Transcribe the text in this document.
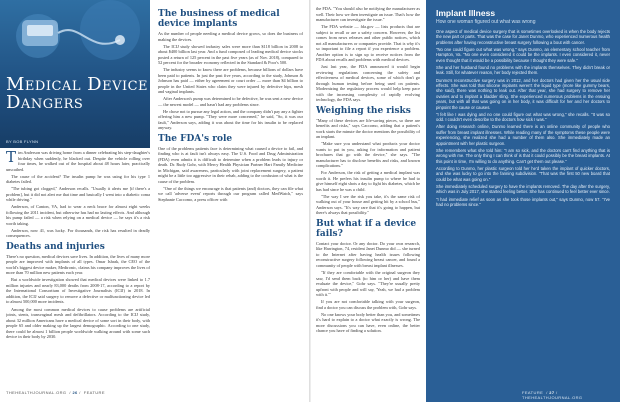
Medical Device Dangers
BY BOB FLYNN

Tim Anderson was driving home from a dinner celebrating his step-daughter's birthday when suddenly, he blacked out. Despite the vehicle rolling over four times, he walked out of the hospital about 48 hours later, practically unscathed.

The cause of the accident? The insulin pump he was using for his type 1 diabetes failed.

"The tubing got clogged," Anderson recalls. "Usually it alerts me [if there's a problem], but it did not alert me that time and basically I went into a diabetic coma while driving."

Anderson, of Canton, VA, had to wear a neck brace for almost eight weeks following the 2011 incident, but otherwise has had no lasting effects. And although his pump failed — a risk when relying on a medical device — he says it's a risk worth taking.

Anderson, now 41, was lucky. For thousands, the risk has resulted in deadly consequences.

Deaths and injuries

There's no question, medical devices save lives. In addition, the lives of many more people are improved with implants of all types. Omar Ishrak, the CEO of the world's biggest device maker, Medtronic, claims his company improves the lives of more than 70 million new patients each year.

But a worldwide investigation showed that medical devices were linked to 1.7 million injuries and nearly 83,000 deaths from 2008-17, according to a report by the International Consortium of Investigative Journalists (ICIJ) in 2018. In addition, the ICIJ said surgery to remove a defective or malfunctioning device led to almost 500,000 more incidents.

Among the most common medical devices to cause problems are artificial joints, stents, transvaginal mesh and defibrillators. According to the ICIJ study, about 32 million Americans have a medical device of some sort in their body, with people 65 and older making up the largest demographic. According to one study, there could be almost 1 billion people worldwide walking around with some such device in their body by 2030.

The business of medical device implants

As the number of people needing a medical device grows, so does the business of making the devices.

The ICIJ study showed industry sales were more than $118 billion in 2008 to about $400 billion last year. And a fund composed of leading medical device stocks posted a return of 125 percent in the past five years (as of Nov. 2018), compared to 52 percent for the broader economy reflected in the Standard & Poor's 500.

The industry seems to know there are problems, because billions of dollars have been paid to patients. In just the past five years, according to the study, Johnson & Johnson has paid — either by agreement or court order — more than $4 billion to people in the United States who claim they were injured by defective hips, mesh and vaginal implants.

After Anderson's pump was determined to be defective, he was sent a new device — the newest model — and hasn't had any problems since.

He chose not to pursue any legal action, and the company didn't pay any a fighter offering him a new pump. "They were more concerned," he said, "So, it was our fault," Anderson says, adding it was about the time for his insulin to be replaced anyway.

The FDA's role

One of the problems patients face is determining what caused a device to fail, and finding who is at fault isn't always easy. The U.S. Food and Drug Administration (FDA) even admits it is difficult to determine when a problem leads to injury or death. Dr. Rudy Gohr, with Mercy Health Physician Partner Hart Family Medicine in Michigan, said awareness, particularly with joint replacement surgery, a patient might be a little too aggressive in their rehab, adding to the confusion of what is the cause of the problem.

"One of the things we encourage is that patients (and) doctors, they can file what we call 'adverse event' reports through our program called MedWatch," says Stephanie Caccomo, a press officer with

THEHEALTHJOURNAL.ORG  / 26 /  FEATURE

the FDA. "You should also be notifying the manufacturer as well. Their how we then investigate an issue. That's how the manufacturer can investigate the issue."

The FDA website — fda.gov — lists products that are subject to recall or are a safety concern. However, the list comes from news releases and other public notices, which not all manufacturers or companies provide. That is why it's so important to file a report if you experience a problem. Another option is to sign up to receive notices from the FDA about recalls and problems with medical devices.

Just last year, the FDA announced it would begin reviewing regulations concerning the safety and effectiveness of medical devices, some of which don't go through human testing before being used on patients. Modernizing the regulatory process would help keep pace with the increasing complexity of rapidly evolving technology, the FDA says.

Weighing the risks

"Many of these devices are life-saving pieces, so there are benefits and risks," says Caccomo, adding that a patient's work starts the minute the doctor mentions the possibility of an implant.

"Make sure you understand what products your doctor wants to put in you, asking for information and patient brochures that go with the device," she says. "The manufacturer has to disclose benefits and risks, and known complications."

For Anderson, the risk of getting a medical implant was worth it. He prefers his insulin pump to where he had to give himself eight shots a day to fight his diabetes, which he has had since he was a child.

"The way I see the risk you take, it's the same risk of walking out of your house and getting hit by a school bus," Anderson says. "It's way rare that it's going to happen, but there's always that possibility."

But what if a device fails?

Contact your doctor. Or any doctor. Do your own research, like Harrington, 74, resident Janet Dunmo did — she turned to the Internet after having health issues following reconstructive surgery following breast cancer, and found a community of people with breast implant illnesses.

"If they are comfortable with the original surgeon they saw, I'd send them back (to him or her) and have them evaluate the device," Gohr says. "They're usually pretty upfront with people and will say, 'Yeah, we had a problem with it.'"

If you are not comfortable talking with your surgeon, find a doctor you can discuss the problem with, Gohr says.

No one knows your body better than you, and sometimes it's hard to explain to a doctor what exactly is wrong. The more discussions you can have, even online, the better chance you have of finding a solution.

Implant Illness
How one woman figured out what was wrong

One aspect of medical device surgery that is sometimes overlooked is when the body rejects the new part or parts. That was the case for Janet Dunmo, who experienced numerous health problems after having reconstructive breast surgery following a bout with cancer.

"No one could figure out what was wrong," says Dunmo, an elementary school teacher from Hampton, Va. "No one even considered it could be the implants. I even considered it, never even thought that it would be a possibility because I thought they were safe."

She and her husband found no problems with the implants themselves. They didn't break or leak. Still, for whatever reason, her body rejected them.

Dunmo's reconstructive surgery was in 2012, and her doctors had given her the usual side effects. She was told that silicone implants weren't the liquid type (more like gummy bears, she said), there was nothing to leak out. After that year, she had surgery to remove her ovaries and to implant a bladder sling. She experienced numerous problems in the ensuing years, but with all that was going on in her body, it was difficult for her and her doctors to pinpoint the cause or causes.

"I felt like I was dying and no one could figure out what was wrong," she recalls. "It was so odd. I couldn't even describe to the doctors how sick I was."

After doing research online, Dunmo learned there is an online community of people who suffer from breast implant illnesses. While reading many of the symptoms these people were experiencing, she realized she had a number of them also. She immediately made an appointment with her plastic surgeon.

She remembers what she told him: "I am so sick, and the doctors can't find anything that is wrong with me. The only thing I can think of is that it could possibly be the breast implants. At this point in time, I'm willing to do anything. Can't get them out please."

According to Dunmo, her plastic surgeon told her he'd taken the implant of quicker doctors, and she was lucky to go into the fanning subdivision. "That was the first 50 new board that could be what was going on."

She immediately scheduled surgery to have the implants removed. The day after the surgery, which was in July 2017, she started feeling better. She has continued to feel better ever since.

"I had immediate relief as soon as she took those implants out," says Dunmo, now 57. "I've had no problems since."

FEATURE  / 27 /  THEHEALTHJOURNAL.ORG
